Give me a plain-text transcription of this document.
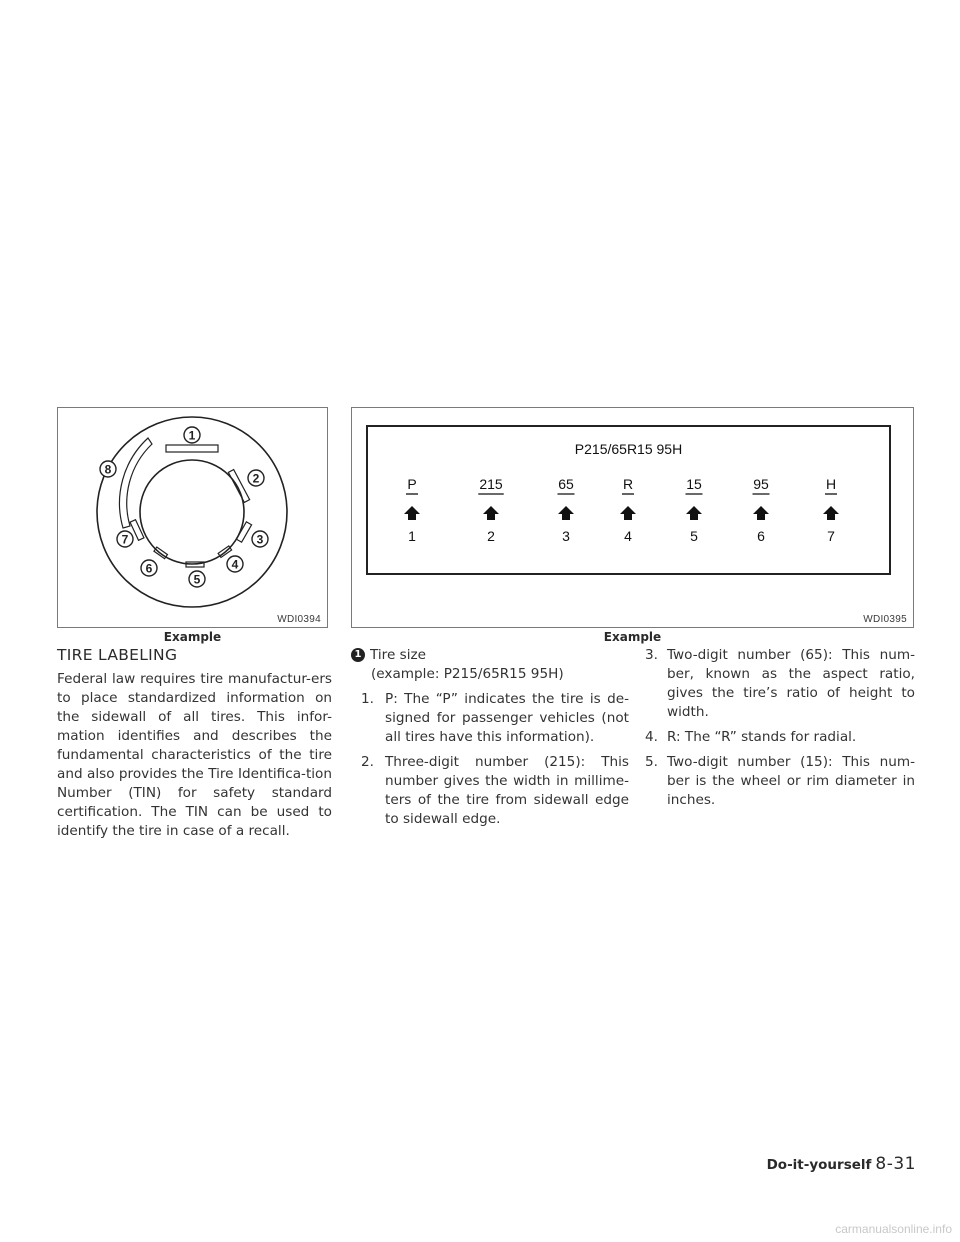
1
2
3
4
5
6
7
8
WDI0394
Example
P215/65R15 95H
P
1
215
2
65
3
R
4
15
5
95
6
H
7
WDI0395
Example
TIRE LABELING
Federal law requires tire manufactur-ers to place standardized information on the sidewall of all tires. This infor-mation identifies and describes the fundamental characteristics of the tire and also provides the Tire Identifica-tion Number (TIN) for safety standard certification. The TIN can be used to identify the tire in case of a recall.
1 Tire size
(example: P215/65R15 95H)
1. P: The “P” indicates the tire is de-signed for passenger vehicles (not all tires have this information).
2. Three-digit number (215): This number gives the width in millime-ters of the tire from sidewall edge to sidewall edge.
3. Two-digit number (65): This num-ber, known as the aspect ratio, gives the tire’s ratio of height to width.
4. R: The “R” stands for radial.
5. Two-digit number (15): This num-ber is the wheel or rim diameter in inches.
Do-it-yourself 8-31
carmanualsonline.info
